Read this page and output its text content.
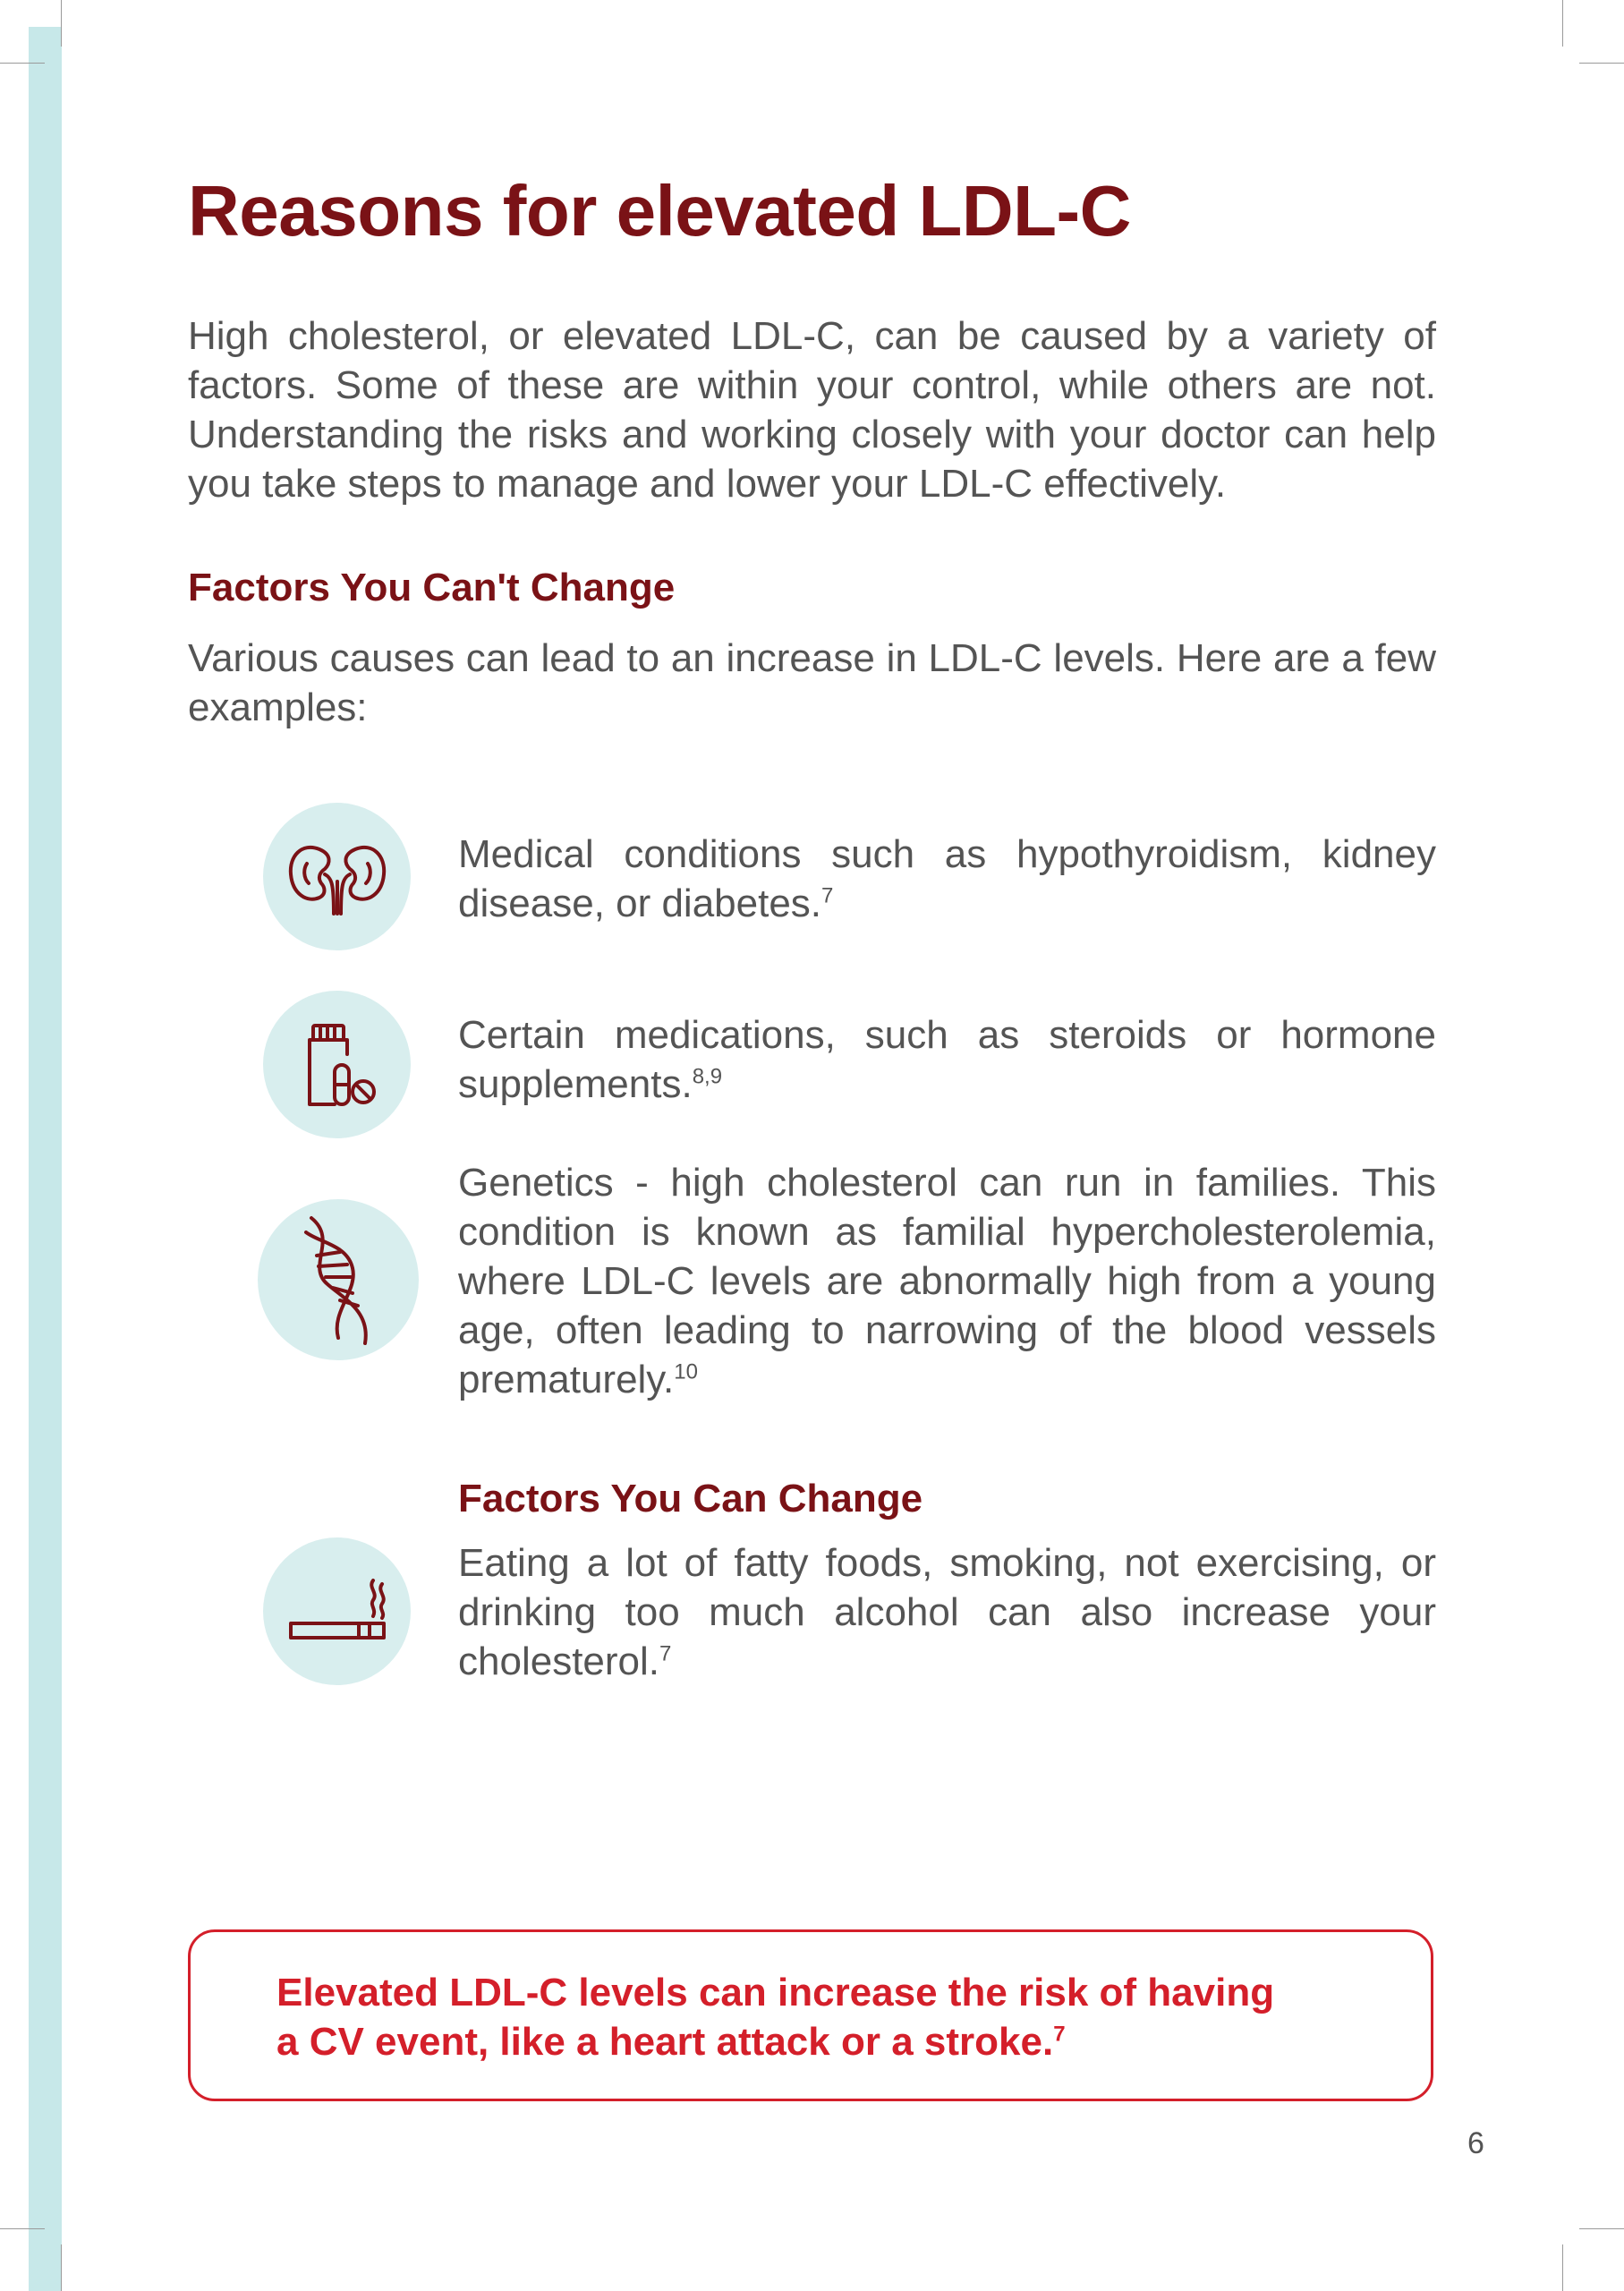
Reasons for elevated LDL-C

High cholesterol, or elevated LDL-C, can be caused by a variety of factors. Some of these are within your control, while others are not. Understanding the risks and working closely with your doctor can help you take steps to manage and lower your LDL-C effectively.

Factors You Can't Change

Various causes can lead to an increase in LDL-C levels. Here are a few examples:

Medical conditions such as hypothyroidism, kidney disease, or diabetes.$^7$

Certain medications, such as steroids or hormone supplements.$^{8,9}$

Genetics - high cholesterol can run in families. This condition is known as familial hypercholesterolemia, where LDL-C levels are abnormally high from a young age, often leading to narrowing of the blood vessels prematurely.$^{10}$

Factors You Can Change

Eating a lot of fatty foods, smoking, not exercising, or drinking too much alcohol can also increase your cholesterol.$^7$

Elevated LDL-C levels can increase the risk of having
a CV event, like a heart attack or a stroke.$^7$

6
